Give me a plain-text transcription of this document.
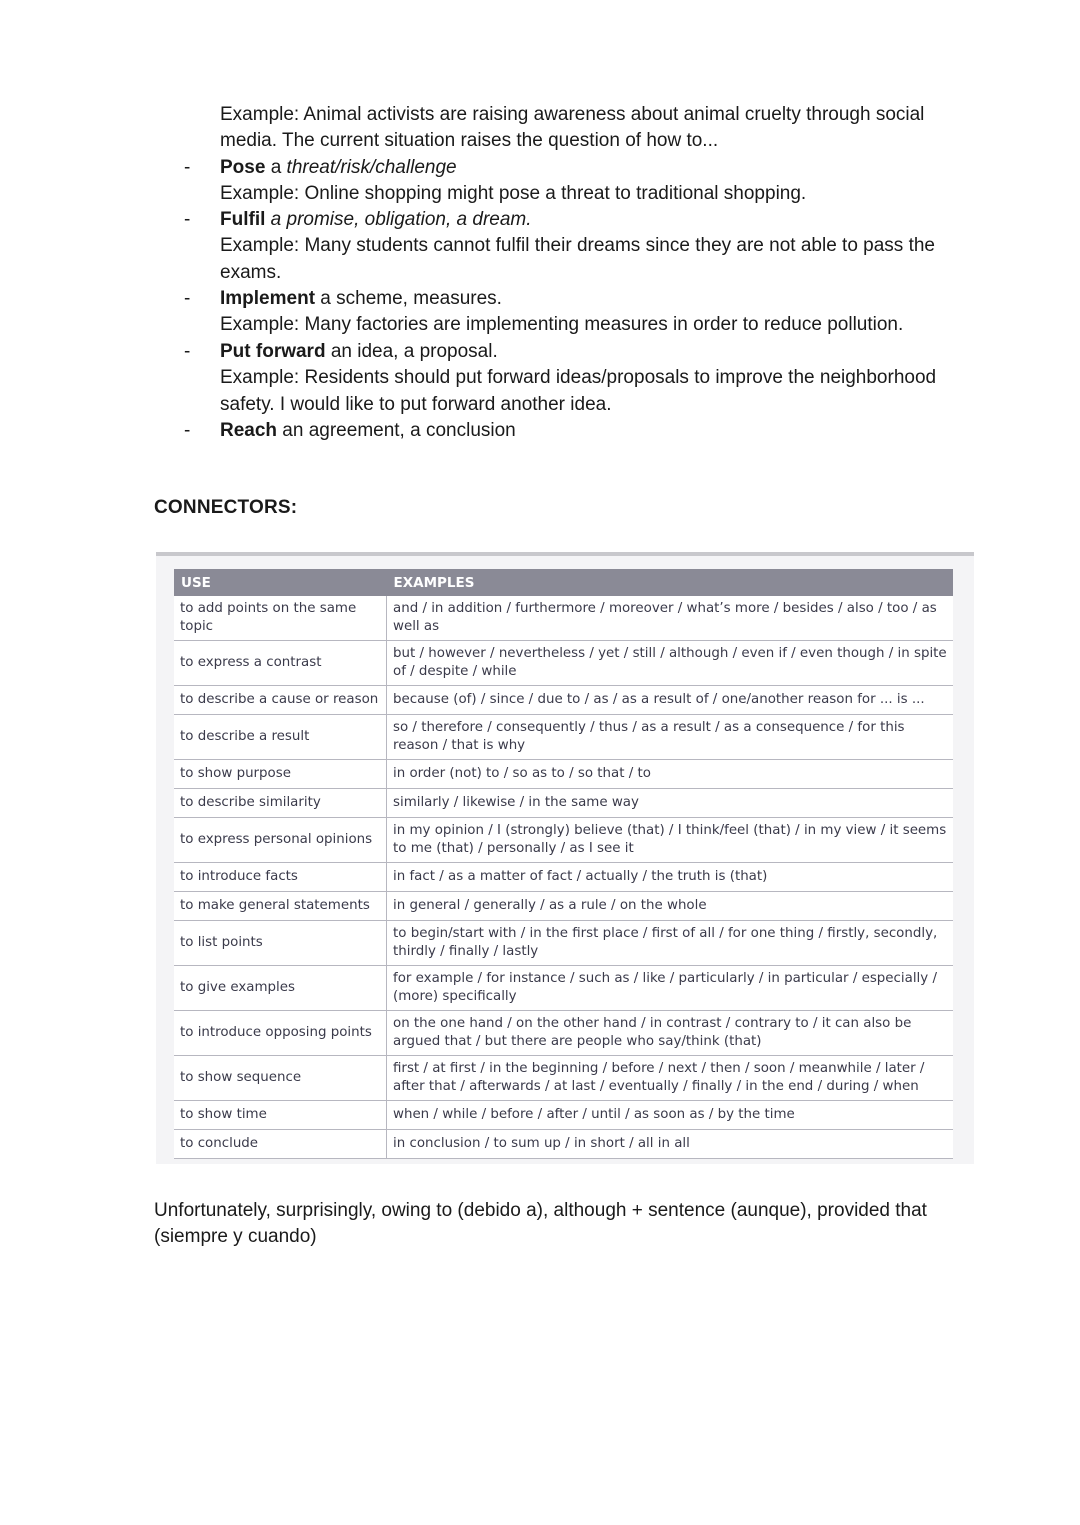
Example: Animal activists are raising awareness about animal cruelty through social
media. The current situation raises the question of how to...
- Pose a threat/risk/challenge
Example: Online shopping might pose a threat to traditional shopping.
- Fulfil a promise, obligation, a dream.
Example: Many students cannot fulfil their dreams since they are not able to pass the
exams.
- Implement a scheme, measures.
Example: Many factories are implementing measures in order to reduce pollution.
- Put forward an idea, a proposal.
Example: Residents should put forward ideas/proposals to improve the neighborhood
safety. I would like to put forward another idea.
- Reach an agreement, a conclusion
CONNECTORS:
USE	EXAMPLES
to add points on the same topic	and / in addition / furthermore / moreover / what’s more / besides / also / too / as well as
to express a contrast	but / however / nevertheless / yet / still / although / even if / even though / in spite of / despite / while
to describe a cause or reason	because (of) / since / due to / as / as a result of / one/another reason for ... is ...
to describe a result	so / therefore / consequently / thus / as a result / as a consequence / for this reason / that is why
to show purpose	in order (not) to / so as to / so that / to
to describe similarity	similarly / likewise / in the same way
to express personal opinions	in my opinion / I (strongly) believe (that) / I think/feel (that) / in my view / it seems to me (that) / personally / as I see it
to introduce facts	in fact / as a matter of fact / actually / the truth is (that)
to make general statements	in general / generally / as a rule / on the whole
to list points	to begin/start with / in the first place / first of all / for one thing / firstly, secondly, thirdly / finally / lastly
to give examples	for example / for instance / such as / like / particularly / in particular / especially / (more) specifically
to introduce opposing points	on the one hand / on the other hand / in contrast / contrary to / it can also be argued that / but there are people who say/think (that)
to show sequence	first / at first / in the beginning / before / next / then / soon / meanwhile / later / after that / afterwards / at last / eventually / finally / in the end / during / when
to show time	when / while / before / after / until / as soon as / by the time
to conclude	in conclusion / to sum up / in short / all in all
Unfortunately, surprisingly, owing to (debido a), although + sentence (aunque), provided that (siempre y cuando)
